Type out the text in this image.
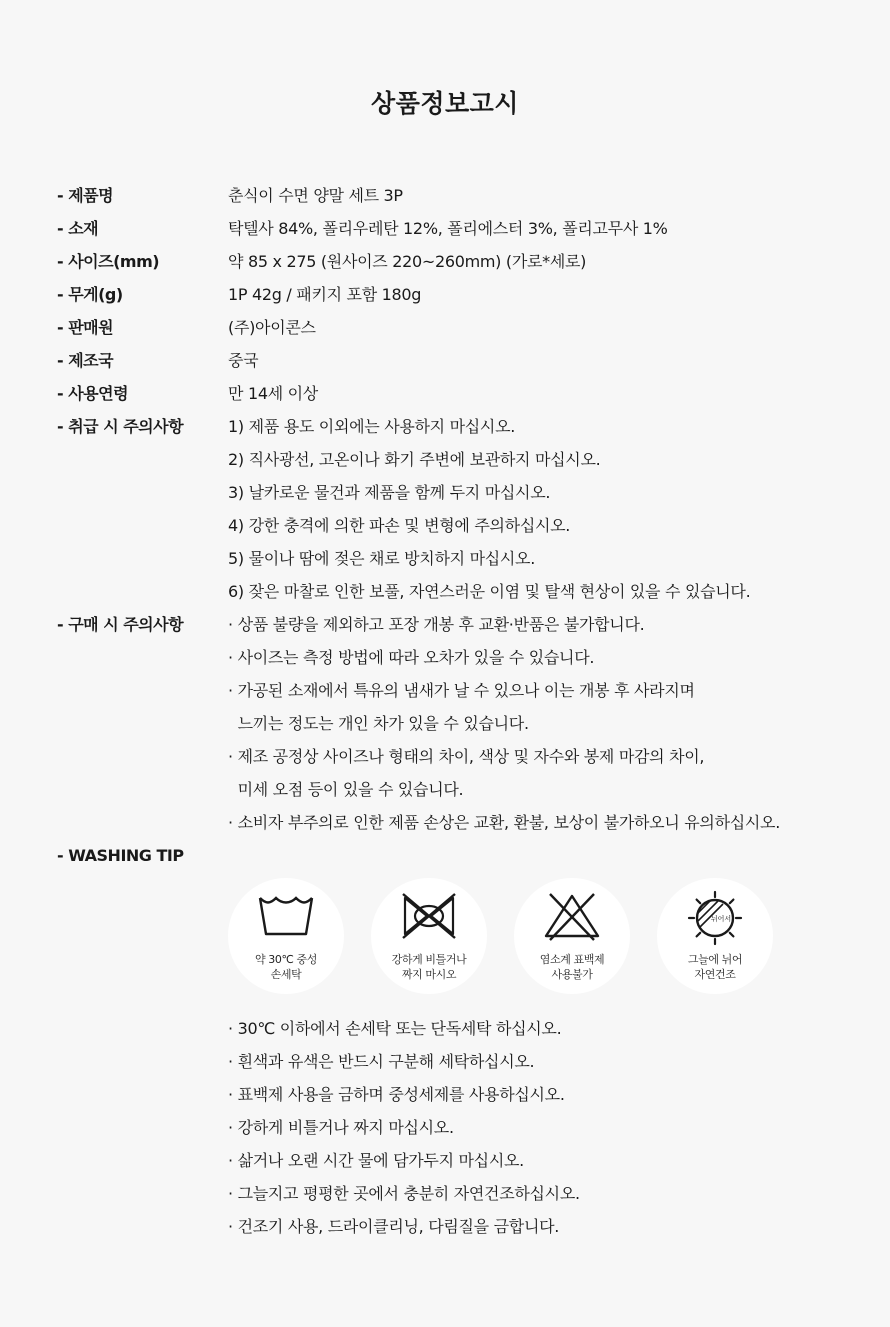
상품정보고시
- 제품명	춘식이 수면 양말 세트 3P
- 소재	탁텔사 84%, 폴리우레탄 12%, 폴리에스터 3%, 폴리고무사 1%
- 사이즈(mm)	약 85 x 275 (원사이즈 220~260mm) (가로*세로)
- 무게(g)	1P 42g / 패키지 포함 180g
- 판매원	(주)아이콘스
- 제조국	중국
- 사용연령	만 14세 이상
- 취급 시 주의사항	1) 제품 용도 이외에는 사용하지 마십시오.
2) 직사광선, 고온이나 화기 주변에 보관하지 마십시오.
3) 날카로운 물건과 제품을 함께 두지 마십시오.
4) 강한 충격에 의한 파손 및 변형에 주의하십시오.
5) 물이나 땀에 젖은 채로 방치하지 마십시오.
6) 잦은 마찰로 인한 보풀, 자연스러운 이염 및 탈색 현상이 있을 수 있습니다.
- 구매 시 주의사항	· 상품 불량을 제외하고 포장 개봉 후 교환·반품은 불가합니다.
· 사이즈는 측정 방법에 따라 오차가 있을 수 있습니다.
· 가공된 소재에서 특유의 냄새가 날 수 있으나 이는 개봉 후 사라지며
느끼는 정도는 개인 차가 있을 수 있습니다.
· 제조 공정상 사이즈나 형태의 차이, 색상 및 자수와 봉제 마감의 차이,
미세 오점 등이 있을 수 있습니다.
· 소비자 부주의로 인한 제품 손상은 교환, 환불, 보상이 불가하오니 유의하십시오.
- WASHING TIP
약 30℃ 중성
손세탁
강하게 비틀거나
짜지 마시오
염소계 표백제
사용불가
뉘어서
그늘에 뉘어
자연건조
· 30℃ 이하에서 손세탁 또는 단독세탁 하십시오.
· 흰색과 유색은 반드시 구분해 세탁하십시오.
· 표백제 사용을 금하며 중성세제를 사용하십시오.
· 강하게 비틀거나 짜지 마십시오.
· 삶거나 오랜 시간 물에 담가두지 마십시오.
· 그늘지고 평평한 곳에서 충분히 자연건조하십시오.
· 건조기 사용, 드라이클리닝, 다림질을 금합니다.
